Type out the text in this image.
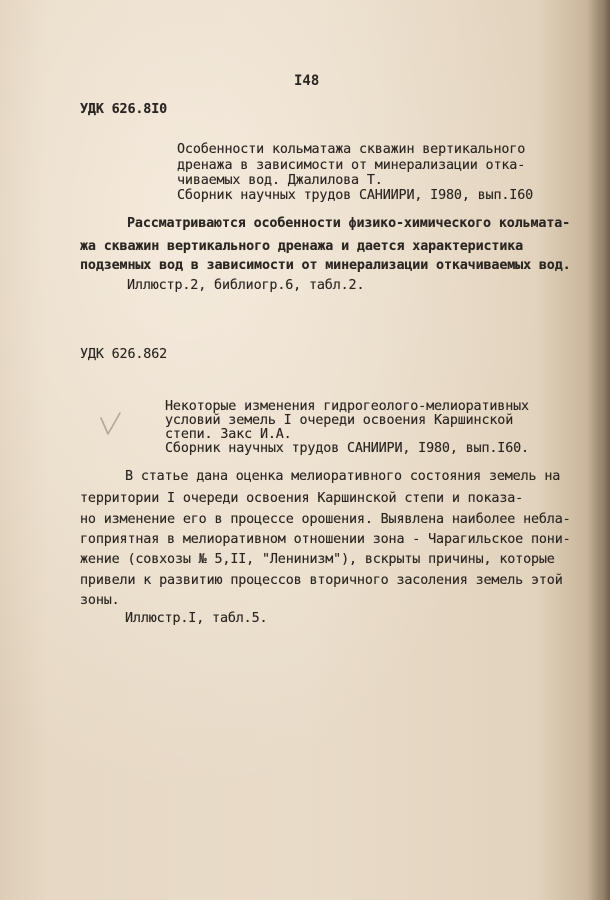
I48
УДК 626.8I0
Особенности кольматажа скважин вертикального
дренажа в зависимости от минерализации отка-
чиваемых вод. Джалилова Т.
Сборник научных трудов САНИИРИ, I980, вып.I60
Рассматриваются особенности физико-химического кольмата-
жа скважин вертикального дренажа и дается характеристика
подземных вод в зависимости от минерализации откачиваемых вод.
Иллюстр.2, библиогр.6, табл.2.
УДК 626.862
Некоторые изменения гидрогеолого-мелиоративных
условий земель I очереди освоения Каршинской
степи. Закс И.А.
Сборник научных трудов САНИИРИ, I980, вып.I60.
В статье дана оценка мелиоративного состояния земель на
территории I очереди освоения Каршинской степи и показа-
но изменение его в процессе орошения. Выявлена наиболее небла-
гоприятная в мелиоративном отношении зона - Чарагильское пони-
жение (совхозы № 5,II, "Ленинизм"), вскрыты причины, которые
привели к развитию процессов вторичного засоления земель этой
зоны.
Иллюстр.I, табл.5.
